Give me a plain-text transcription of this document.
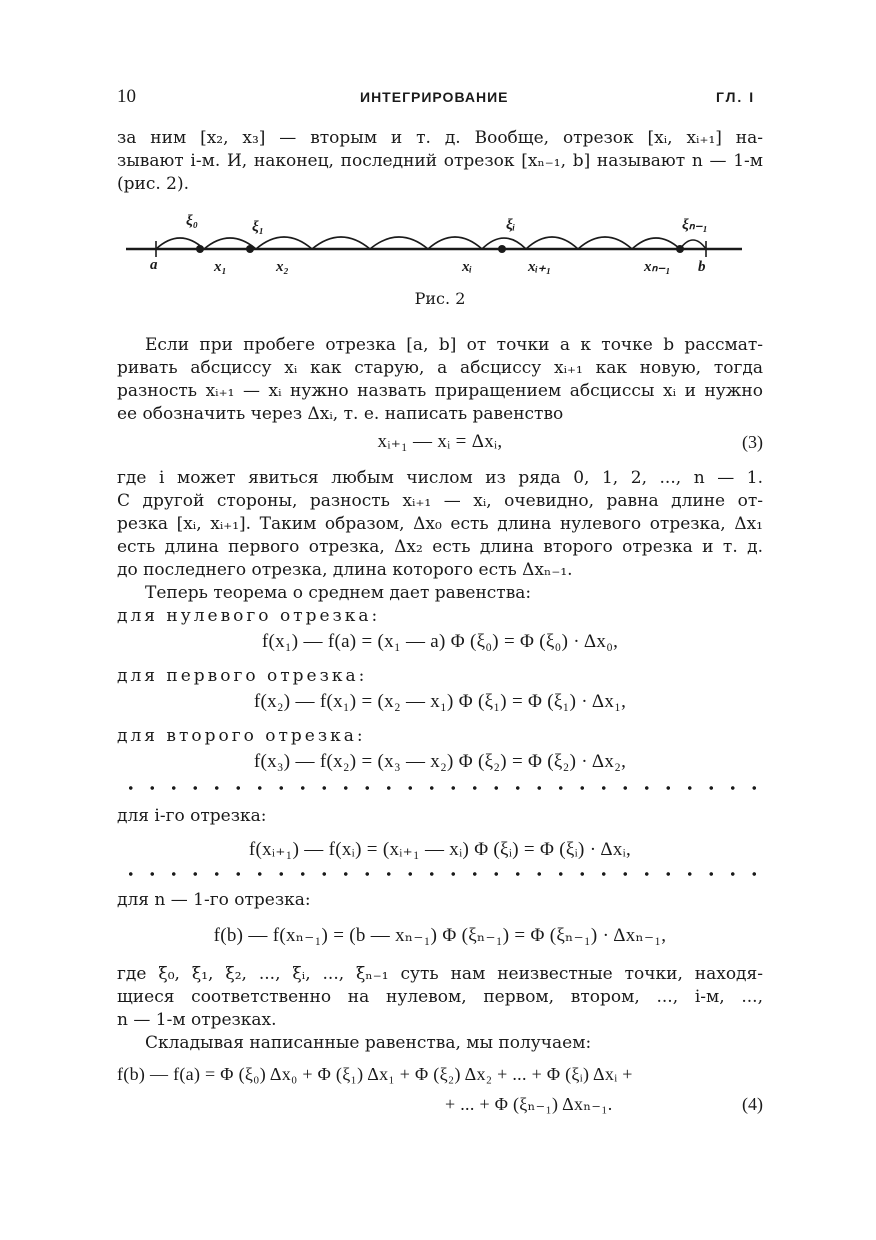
10	ИНТЕГРИРОВАНИЕ	ГЛ. I
за ним [x₂, x₃] — вторым и т. д. Вообще, отрезок [xᵢ, xᵢ₊₁] на-
зывают i-м. И, наконец, последний отрезок [xₙ₋₁, b] называют n — 1-м
(рис. 2).
a	x₁	x₂	xᵢ	xᵢ₊₁	xₙ₋₁ b
ξ₀	ξ₁	ξᵢ	ξₙ₋₁
Рис. 2
Если при пробеге отрезка [a, b] от точки a к точке b рассмат-
ривать абсциссу xᵢ как старую, а абсциссу xᵢ₊₁ как новую, тогда
разность xᵢ₊₁ — xᵢ нужно назвать приращением абсциссы xᵢ и нужно
ее обозначить через Δxᵢ, т. е. написать равенство
xᵢ₊₁ — xᵢ = Δxᵢ,	(3)
где i может явиться любым числом из ряда 0, 1, 2, ..., n — 1.
С другой стороны, разность xᵢ₊₁ — xᵢ, очевидно, равна длине от-
резка [xᵢ, xᵢ₊₁]. Таким образом, Δx₀ есть длина нулевого отрезка, Δx₁
есть длина первого отрезка, Δx₂ есть длина второго отрезка и т. д.
до последнего отрезка, длина которого есть Δxₙ₋₁.
Теперь теорема о среднем дает равенства:
для нулевого отрезка:
f(x₁) — f(a) = (x₁ — a) Φ (ξ₀) = Φ (ξ₀) · Δx₀,
для первого отрезка:
f(x₂) — f(x₁) = (x₂ — x₁) Φ (ξ₁) = Φ (ξ₁) · Δx₁,
для второго отрезка:
f(x₃) — f(x₂) = (x₃ — x₂) Φ (ξ₂) = Φ (ξ₂) · Δx₂,
для i-го отрезка:
f(xᵢ₊₁) — f(xᵢ) = (xᵢ₊₁ — xᵢ) Φ (ξᵢ) = Φ (ξᵢ) · Δxᵢ,
для n — 1-го отрезка:
f(b) — f(xₙ₋₁) = (b — xₙ₋₁) Φ (ξₙ₋₁) = Φ (ξₙ₋₁) · Δxₙ₋₁,
где ξ₀, ξ₁, ξ₂, ..., ξᵢ, ..., ξₙ₋₁ суть нам неизвестные точки, находя-
щиеся соответственно на нулевом, первом, втором, ..., i-м, ...,
n — 1-м отрезках.
Складывая написанные равенства, мы получаем:
f(b) — f(a) = Φ (ξ₀) Δx₀ + Φ (ξ₁) Δx₁ + Φ (ξ₂) Δx₂ + ... + Φ (ξᵢ) Δxᵢ +
+ ... + Φ (ξₙ₋₁) Δxₙ₋₁.	(4)
